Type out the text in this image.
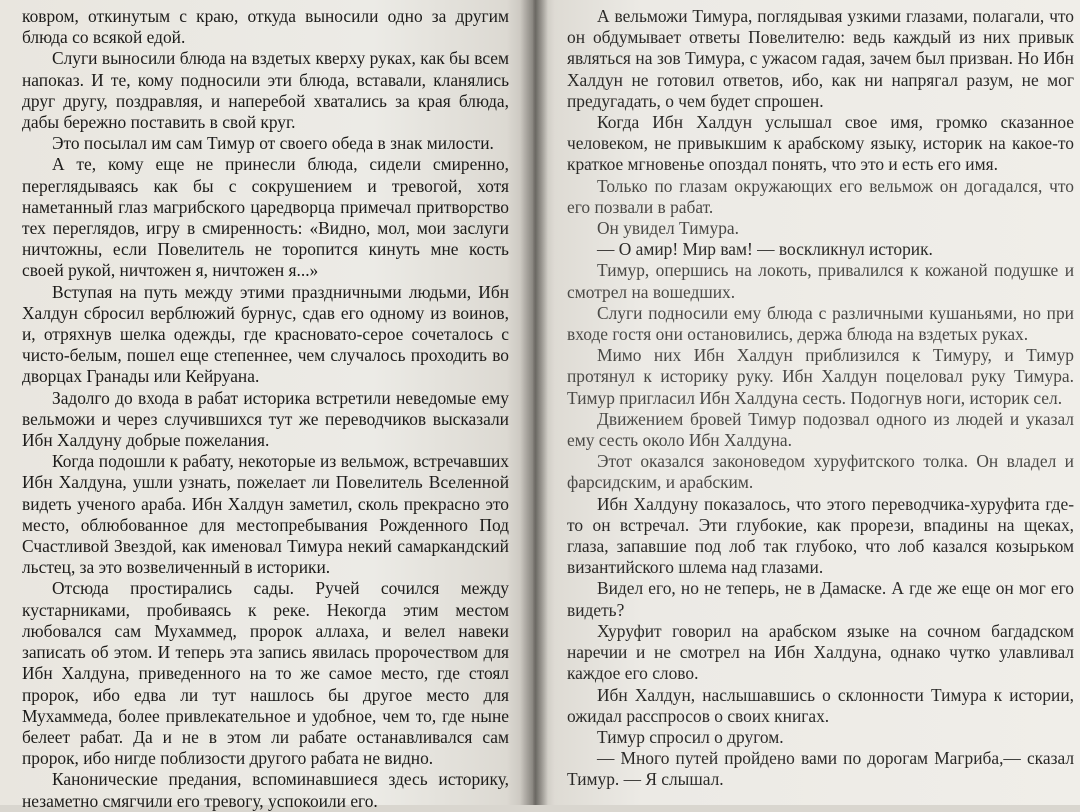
ковром, откинутым с краю, откуда выносили одно за другим блюда со всякой едой.

Слуги выносили блюда на вздетых кверху руках, как бы всем напоказ. И те, кому подносили эти блюда, вставали, кланялись друг другу, поздравляя, и наперебой хватались за края блюда, дабы бережно поставить в свой круг.

Это посылал им сам Тимур от своего обеда в знак милости.

А те, кому еще не принесли блюда, сидели смиренно, переглядываясь как бы с сокрушением и тревогой, хотя наметанный глаз магрибского царедворца примечал притворство тех переглядов, игру в смиренность: «Видно, мол, мои заслуги ничтожны, если Повелитель не торопится кинуть мне кость своей рукой, ничтожен я, ничтожен я...»

Вступая на путь между этими праздничными людьми, Ибн Халдун сбросил верблюжий бурнус, сдав его одному из воинов, и, отряхнув шелка одежды, где красновато-серое сочеталось с чисто-белым, пошел еще степеннее, чем случалось проходить во дворцах Гранады или Кейруана.

Задолго до входа в рабат историка встретили неведомые ему вельможи и через случившихся тут же переводчиков высказали Ибн Халдуну добрые пожелания.

Когда подошли к рабату, некоторые из вельмож, встречавших Ибн Халдуна, ушли узнать, пожелает ли Повелитель Вселенной видеть ученого араба. Ибн Халдун заметил, сколь прекрасно это место, облюбованное для местопребывания Рожденного Под Счастливой Звездой, как именовал Тимура некий самаркандский льстец, за это возвеличенный в историки.

Отсюда простирались сады. Ручей сочился между кустарниками, пробиваясь к реке. Некогда этим местом любовался сам Мухаммед, пророк аллаха, и велел навеки записать об этом. И теперь эта запись явилась пророчеством для Ибн Халдуна, приведенного на то же самое место, где стоял пророк, ибо едва ли тут нашлось бы другое место для Мухаммеда, более привлекательное и удобное, чем то, где ныне белеет рабат. Да и не в этом ли рабате останавливался сам пророк, ибо нигде поблизости другого рабата не видно.

Канонические предания, вспоминавшиеся здесь историку, незаметно смягчили его тревогу, успокоили его.

А вельможи Тимура, поглядывая узкими глазами, полагали, что он обдумывает ответы Повелителю: ведь каждый из них привык являться на зов Тимура, с ужасом гадая, зачем был призван. Но Ибн Халдун не готовил ответов, ибо, как ни напрягал разум, не мог предугадать, о чем будет спрошен.

Когда Ибн Халдун услышал свое имя, громко сказанное человеком, не привыкшим к арабскому языку, историк на какое-то краткое мгновенье опоздал понять, что это и есть его имя.

Только по глазам окружающих его вельмож он догадался, что его позвали в рабат.

Он увидел Тимура.

— О амир! Мир вам! — воскликнул историк.

Тимур, опершись на локоть, привалился к кожаной подушке и смотрел на вошедших.

Слуги подносили ему блюда с различными кушаньями, но при входе гостя они остановились, держа блюда на вздетых руках.

Мимо них Ибн Халдун приблизился к Тимуру, и Тимур протянул к историку руку. Ибн Халдун поцеловал руку Тимура. Тимур пригласил Ибн Халдуна сесть. Подогнув ноги, историк сел.

Движением бровей Тимур подозвал одного из людей и указал ему сесть около Ибн Халдуна.

Этот оказался законоведом хуруфитского толка. Он владел и фарсидским, и арабским.

Ибн Халдуну показалось, что этого переводчика-хуруфита где-то он встречал. Эти глубокие, как прорези, впадины на щеках, глаза, запавшие под лоб так глубоко, что лоб казался козырьком византийского шлема над глазами.

Видел его, но не теперь, не в Дамаске. А где же еще он мог его видеть?

Хуруфит говорил на арабском языке на сочном багдадском наречии и не смотрел на Ибн Халдуна, однако чутко улавливал каждое его слово.

Ибн Халдун, наслышавшись о склонности Тимура к истории, ожидал расспросов о своих книгах.

Тимур спросил о другом.

— Много путей пройдено вами по дорогам Магриба,— сказал Тимур. — Я слышал.
